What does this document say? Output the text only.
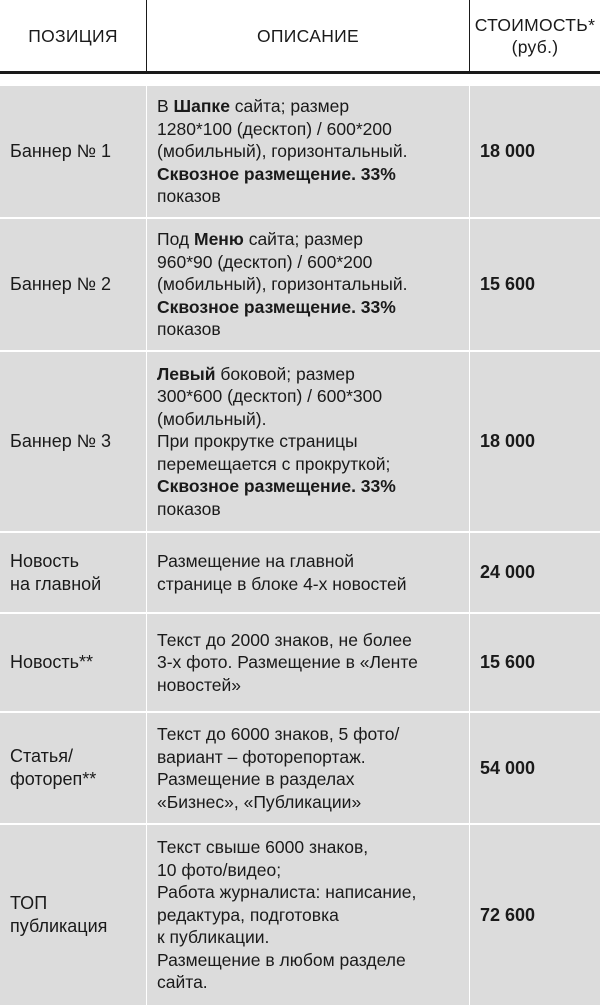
ПОЗИЦИЯ	ОПИСАНИЕ
СТОИМОСТЬ*
(руб.)
Баннер № 1
В Шапке сайта; размер
1280*100 (десктоп) / 600*200
(мобильный), горизонтальный.
Сквозное размещение. 33%
показов
18 000
Баннер № 2
Под Меню сайта; размер
960*90 (десктоп) / 600*200
(мобильный), горизонтальный.
Сквозное размещение. 33%
показов
15 600
Баннер № 3
Левый боковой; размер
300*600 (десктоп) / 600*300
(мобильный).
При прокрутке страницы
перемещается с прокруткой;
Сквозное размещение. 33%
показов
18 000
Новость
на главной
Размещение на главной
странице в блоке 4-х новостей
24 000
Новость**
Текст до 2000 знаков, не более
3-х фото. Размещение в «Ленте
новостей»
15 600
Статья/
фотореп**
Текст до 6000 знаков, 5 фото/
вариант – фоторепортаж.
Размещение в разделах
«Бизнес», «Публикации»
54 000
ТОП
публикация
Текст свыше 6000 знаков,
10 фото/видео;
Работа журналиста: написание,
редактура, подготовка
к публикации.
Размещение в любом разделе
сайта.
72 600
